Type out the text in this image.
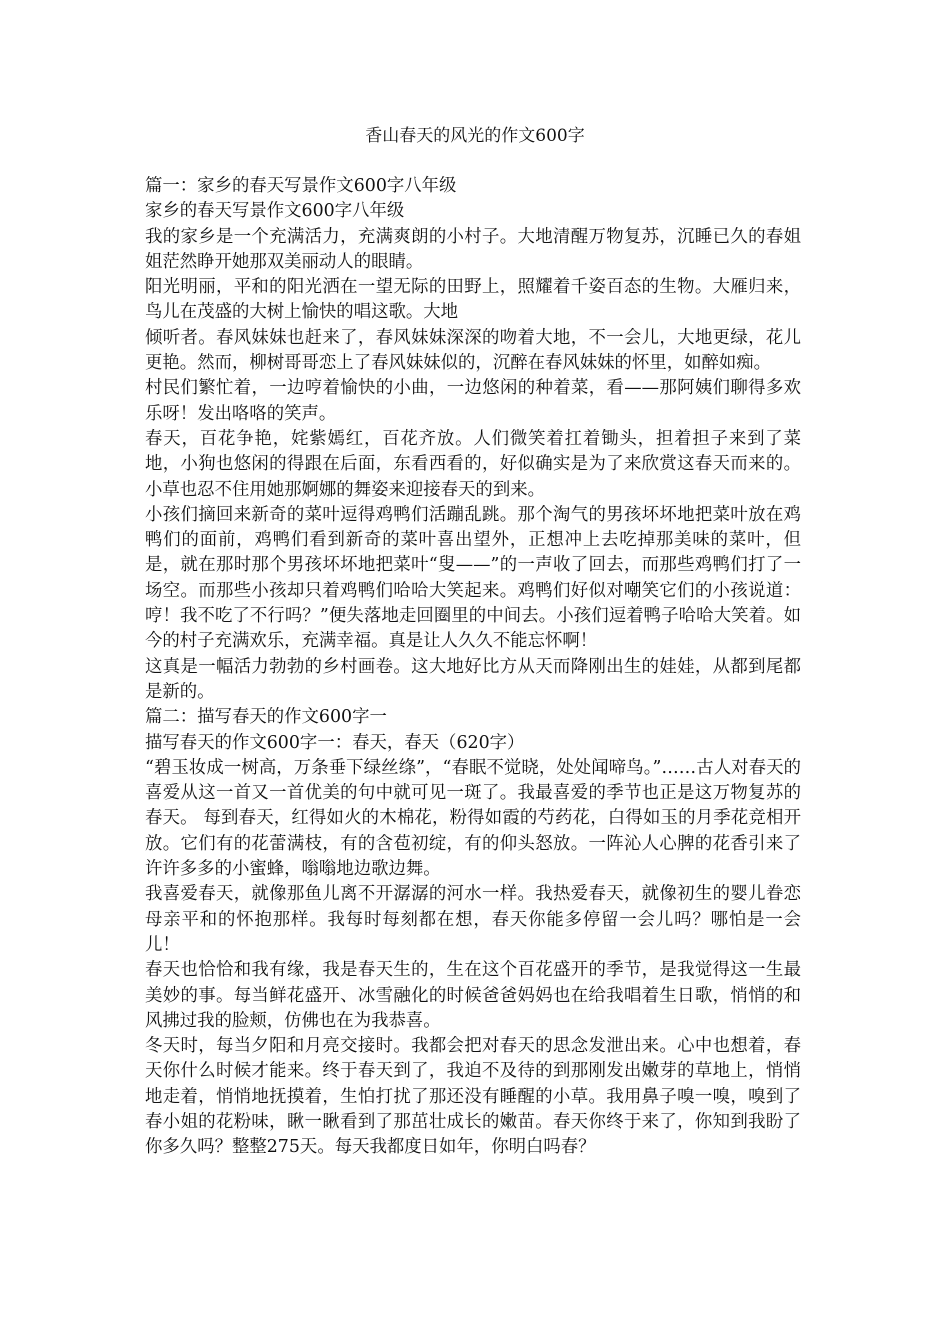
香山春天的风光的作文600字

篇一：家乡的春天写景作文600字八年级

家乡的春天写景作文600字八年级

我的家乡是一个充满活力，充满爽朗的小村子。大地清醒万物复苏，沉睡已久的春姐姐茫然睁开她那双美丽动人的眼睛。

阳光明丽，平和的阳光洒在一望无际的田野上，照耀着千姿百态的生物。大雁归来，鸟儿在茂盛的大树上愉快的唱这歌。大地

倾听者。春风妹妹也赶来了，春风妹妹深深的吻着大地，不一会儿，大地更绿，花儿更艳。然而，柳树哥哥恋上了春风妹妹似的，沉醉在春风妹妹的怀里，如醉如痴。

村民们繁忙着，一边哼着愉快的小曲，一边悠闲的种着菜，看——那阿姨们聊得多欢乐呀！发出咯咯的笑声。

春天，百花争艳，姹紫嫣红，百花齐放。人们微笑着扛着锄头，担着担子来到了菜地，小狗也悠闲的得跟在后面，东看西看的，好似确实是为了来欣赏这春天而来的。小草也忍不住用她那婀娜的舞姿来迎接春天的到来。

小孩们摘回来新奇的菜叶逗得鸡鸭们活蹦乱跳。那个淘气的男孩坏坏地把菜叶放在鸡鸭们的面前，鸡鸭们看到新奇的菜叶喜出望外，正想冲上去吃掉那美味的菜叶，但是，就在那时那个男孩坏坏地把菜叶“叟——”的一声收了回去，而那些鸡鸭们打了一场空。而那些小孩却只着鸡鸭们哈哈大笑起来。鸡鸭们好似对嘲笑它们的小孩说道：哼！我不吃了不行吗？”便失落地走回圈里的中间去。小孩们逗着鸭子哈哈大笑着。如今的村子充满欢乐，充满幸福。真是让人久久不能忘怀啊！

这真是一幅活力勃勃的乡村画卷。这大地好比方从天而降刚出生的娃娃，从都到尾都是新的。

篇二：描写春天的作文600字一

描写春天的作文600字一：春天，春天（620字）

“碧玉妆成一树高，万条垂下绿丝绦”，“春眠不觉晓，处处闻啼鸟。”……古人对春天的喜爱从这一首又一首优美的句中就可见一斑了。我最喜爱的季节也正是这万物复苏的春天。 每到春天，红得如火的木棉花，粉得如霞的芍药花，白得如玉的月季花竞相开放。它们有的花蕾满枝，有的含苞初绽，有的仰头怒放。一阵沁人心脾的花香引来了许许多多的小蜜蜂，嗡嗡地边歌边舞。

我喜爱春天，就像那鱼儿离不开潺潺的河水一样。我热爱春天，就像初生的婴儿眷恋母亲平和的怀抱那样。我每时每刻都在想，春天你能多停留一会儿吗？哪怕是一会儿！

春天也恰恰和我有缘，我是春天生的，生在这个百花盛开的季节，是我觉得这一生最美妙的事。每当鲜花盛开、冰雪融化的时候爸爸妈妈也在给我唱着生日歌，悄悄的和风拂过我的脸颊，仿佛也在为我恭喜。

冬天时，每当夕阳和月亮交接时。我都会把对春天的思念发泄出来。心中也想着，春天你什么时候才能来。终于春天到了，我迫不及待的到那刚发出嫩芽的草地上，悄悄地走着，悄悄地抚摸着，生怕打扰了那还没有睡醒的小草。我用鼻子嗅一嗅，嗅到了春小姐的花粉味，瞅一瞅看到了那茁壮成长的嫩苗。春天你终于来了，你知到我盼了你多久吗？整整275天。每天我都度日如年，你明白吗春？
